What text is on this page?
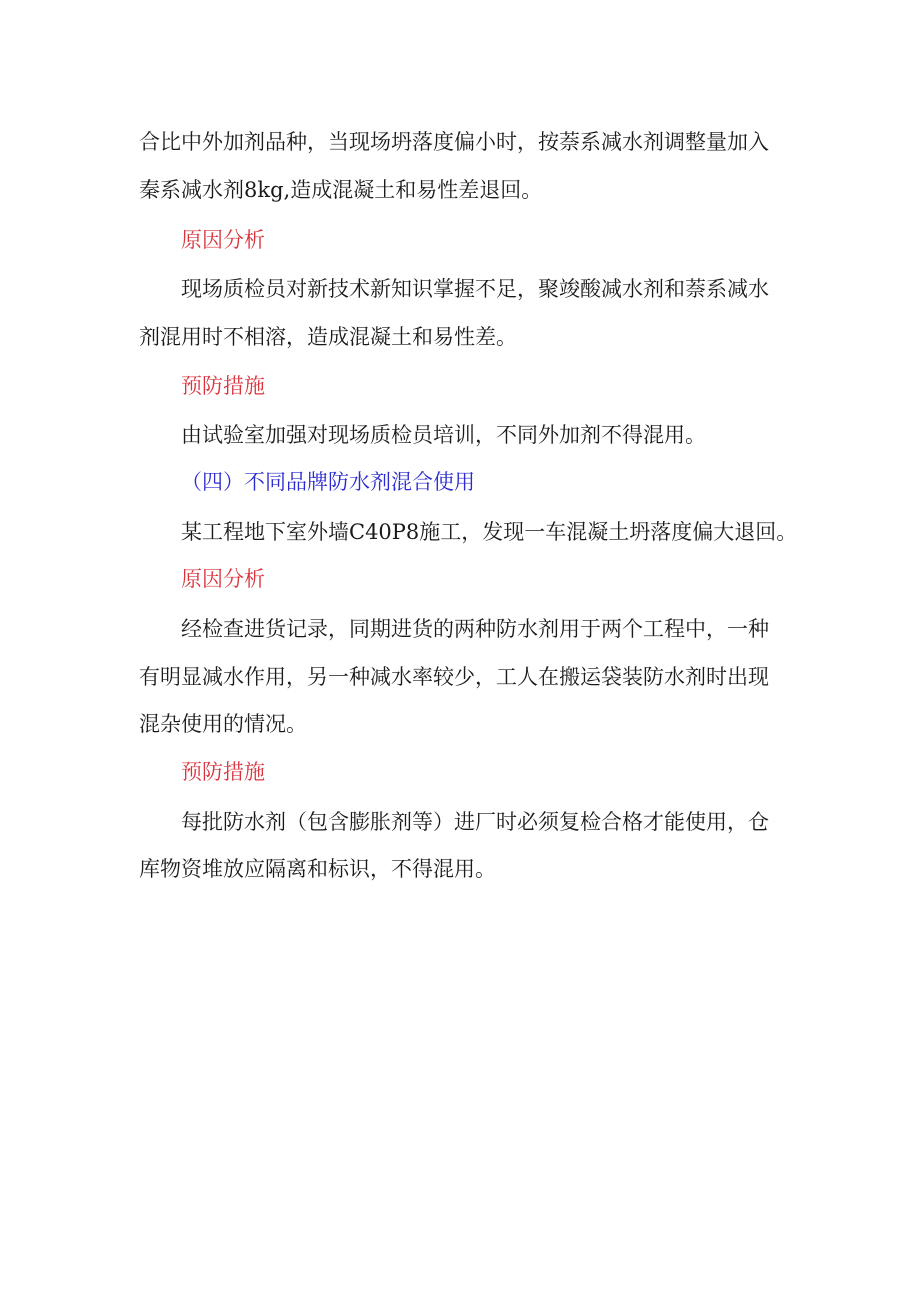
合比中外加剂品种，当现场坍落度偏小时，按萘系减水剂调整量加入
秦系减水剂8kg,造成混凝土和易性差退回。
原因分析
现场质检员对新技术新知识掌握不足，聚竣酸减水剂和萘系减水
剂混用时不相溶，造成混凝土和易性差。
预防措施
由试验室加强对现场质检员培训，不同外加剂不得混用。
（四）不同品牌防水剂混合使用
某工程地下室外墙C40P8施工，发现一车混凝土坍落度偏大退回。
原因分析
经检查进货记录，同期进货的两种防水剂用于两个工程中，一种
有明显减水作用，另一种减水率较少，工人在搬运袋装防水剂时出现
混杂使用的情况。
预防措施
每批防水剂（包含膨胀剂等）进厂时必须复检合格才能使用，仓
库物资堆放应隔离和标识，不得混用。
